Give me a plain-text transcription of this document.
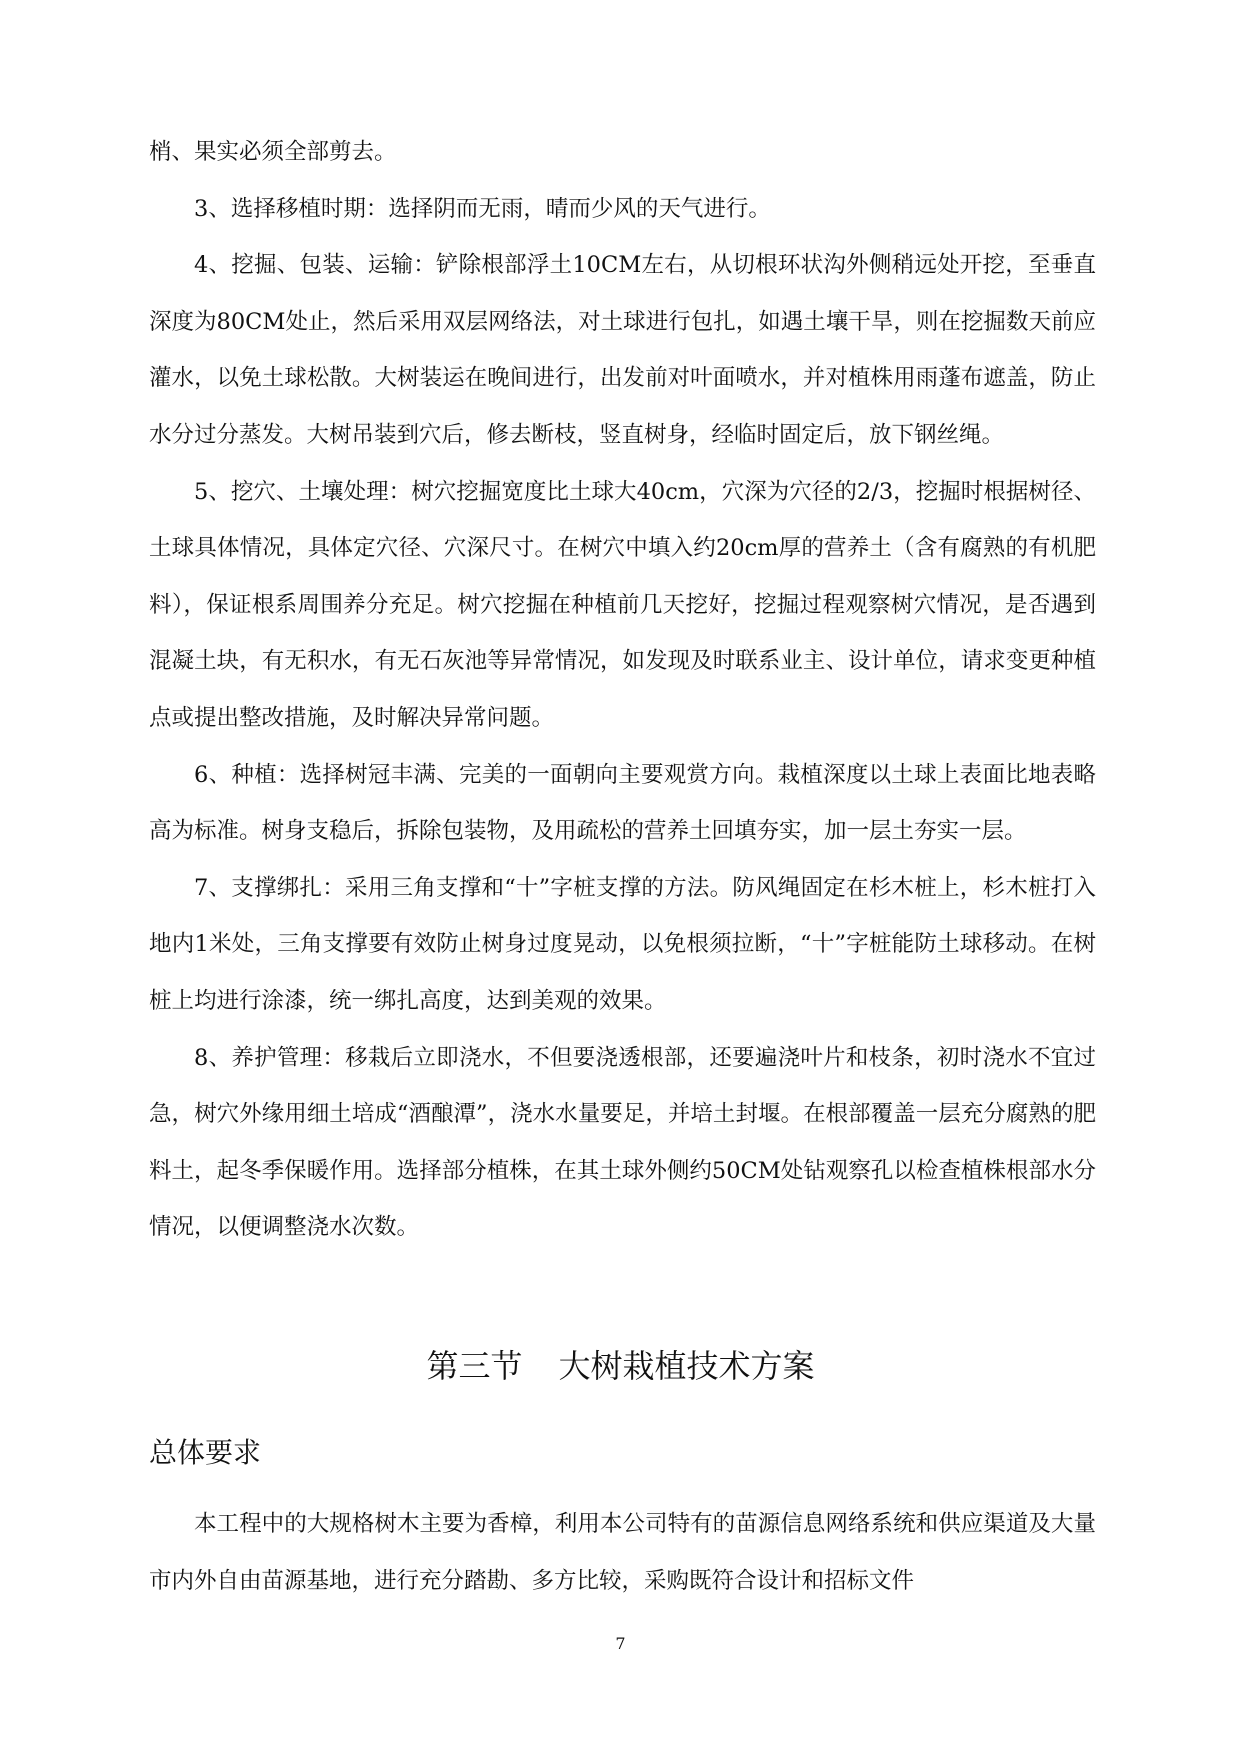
梢、果实必须全部剪去。

3、选择移植时期：选择阴而无雨，晴而少风的天气进行。

4、挖掘、包装、运输：铲除根部浮土10CM左右，从切根环状沟外侧稍远处开挖，至垂直深度为80CM处止，然后采用双层网络法，对土球进行包扎，如遇土壤干旱，则在挖掘数天前应灌水，以免土球松散。大树装运在晚间进行，出发前对叶面喷水，并对植株用雨蓬布遮盖，防止水分过分蒸发。大树吊装到穴后，修去断枝，竖直树身，经临时固定后，放下钢丝绳。

5、挖穴、土壤处理：树穴挖掘宽度比土球大40cm，穴深为穴径的2/3，挖掘时根据树径、土球具体情况，具体定穴径、穴深尺寸。在树穴中填入约20cm厚的营养土（含有腐熟的有机肥料），保证根系周围养分充足。树穴挖掘在种植前几天挖好，挖掘过程观察树穴情况，是否遇到混凝土块，有无积水，有无石灰池等异常情况，如发现及时联系业主、设计单位，请求变更种植点或提出整改措施，及时解决异常问题。

6、种植：选择树冠丰满、完美的一面朝向主要观赏方向。栽植深度以土球上表面比地表略高为标准。树身支稳后，拆除包装物，及用疏松的营养土回填夯实，加一层土夯实一层。

7、支撑绑扎：采用三角支撑和“十”字桩支撑的方法。防风绳固定在杉木桩上，杉木桩打入地内1米处，三角支撑要有效防止树身过度晃动，以免根须拉断，“十”字桩能防土球移动。在树桩上均进行涂漆，统一绑扎高度，达到美观的效果。

8、养护管理：移栽后立即浇水，不但要浇透根部，还要遍浇叶片和枝条，初时浇水不宜过急，树穴外缘用细土培成“酒酿潭”，浇水水量要足，并培土封堰。在根部覆盖一层充分腐熟的肥料土，起冬季保暖作用。选择部分植株，在其土球外侧约50CM处钻观察孔以检查植株根部水分情况，以便调整浇水次数。

第三节 大树栽植技术方案
总体要求

本工程中的大规格树木主要为香樟，利用本公司特有的苗源信息网络系统和供应渠道及大量市内外自由苗源基地，进行充分踏勘、多方比较，采购既符合设计和招标文件

7
